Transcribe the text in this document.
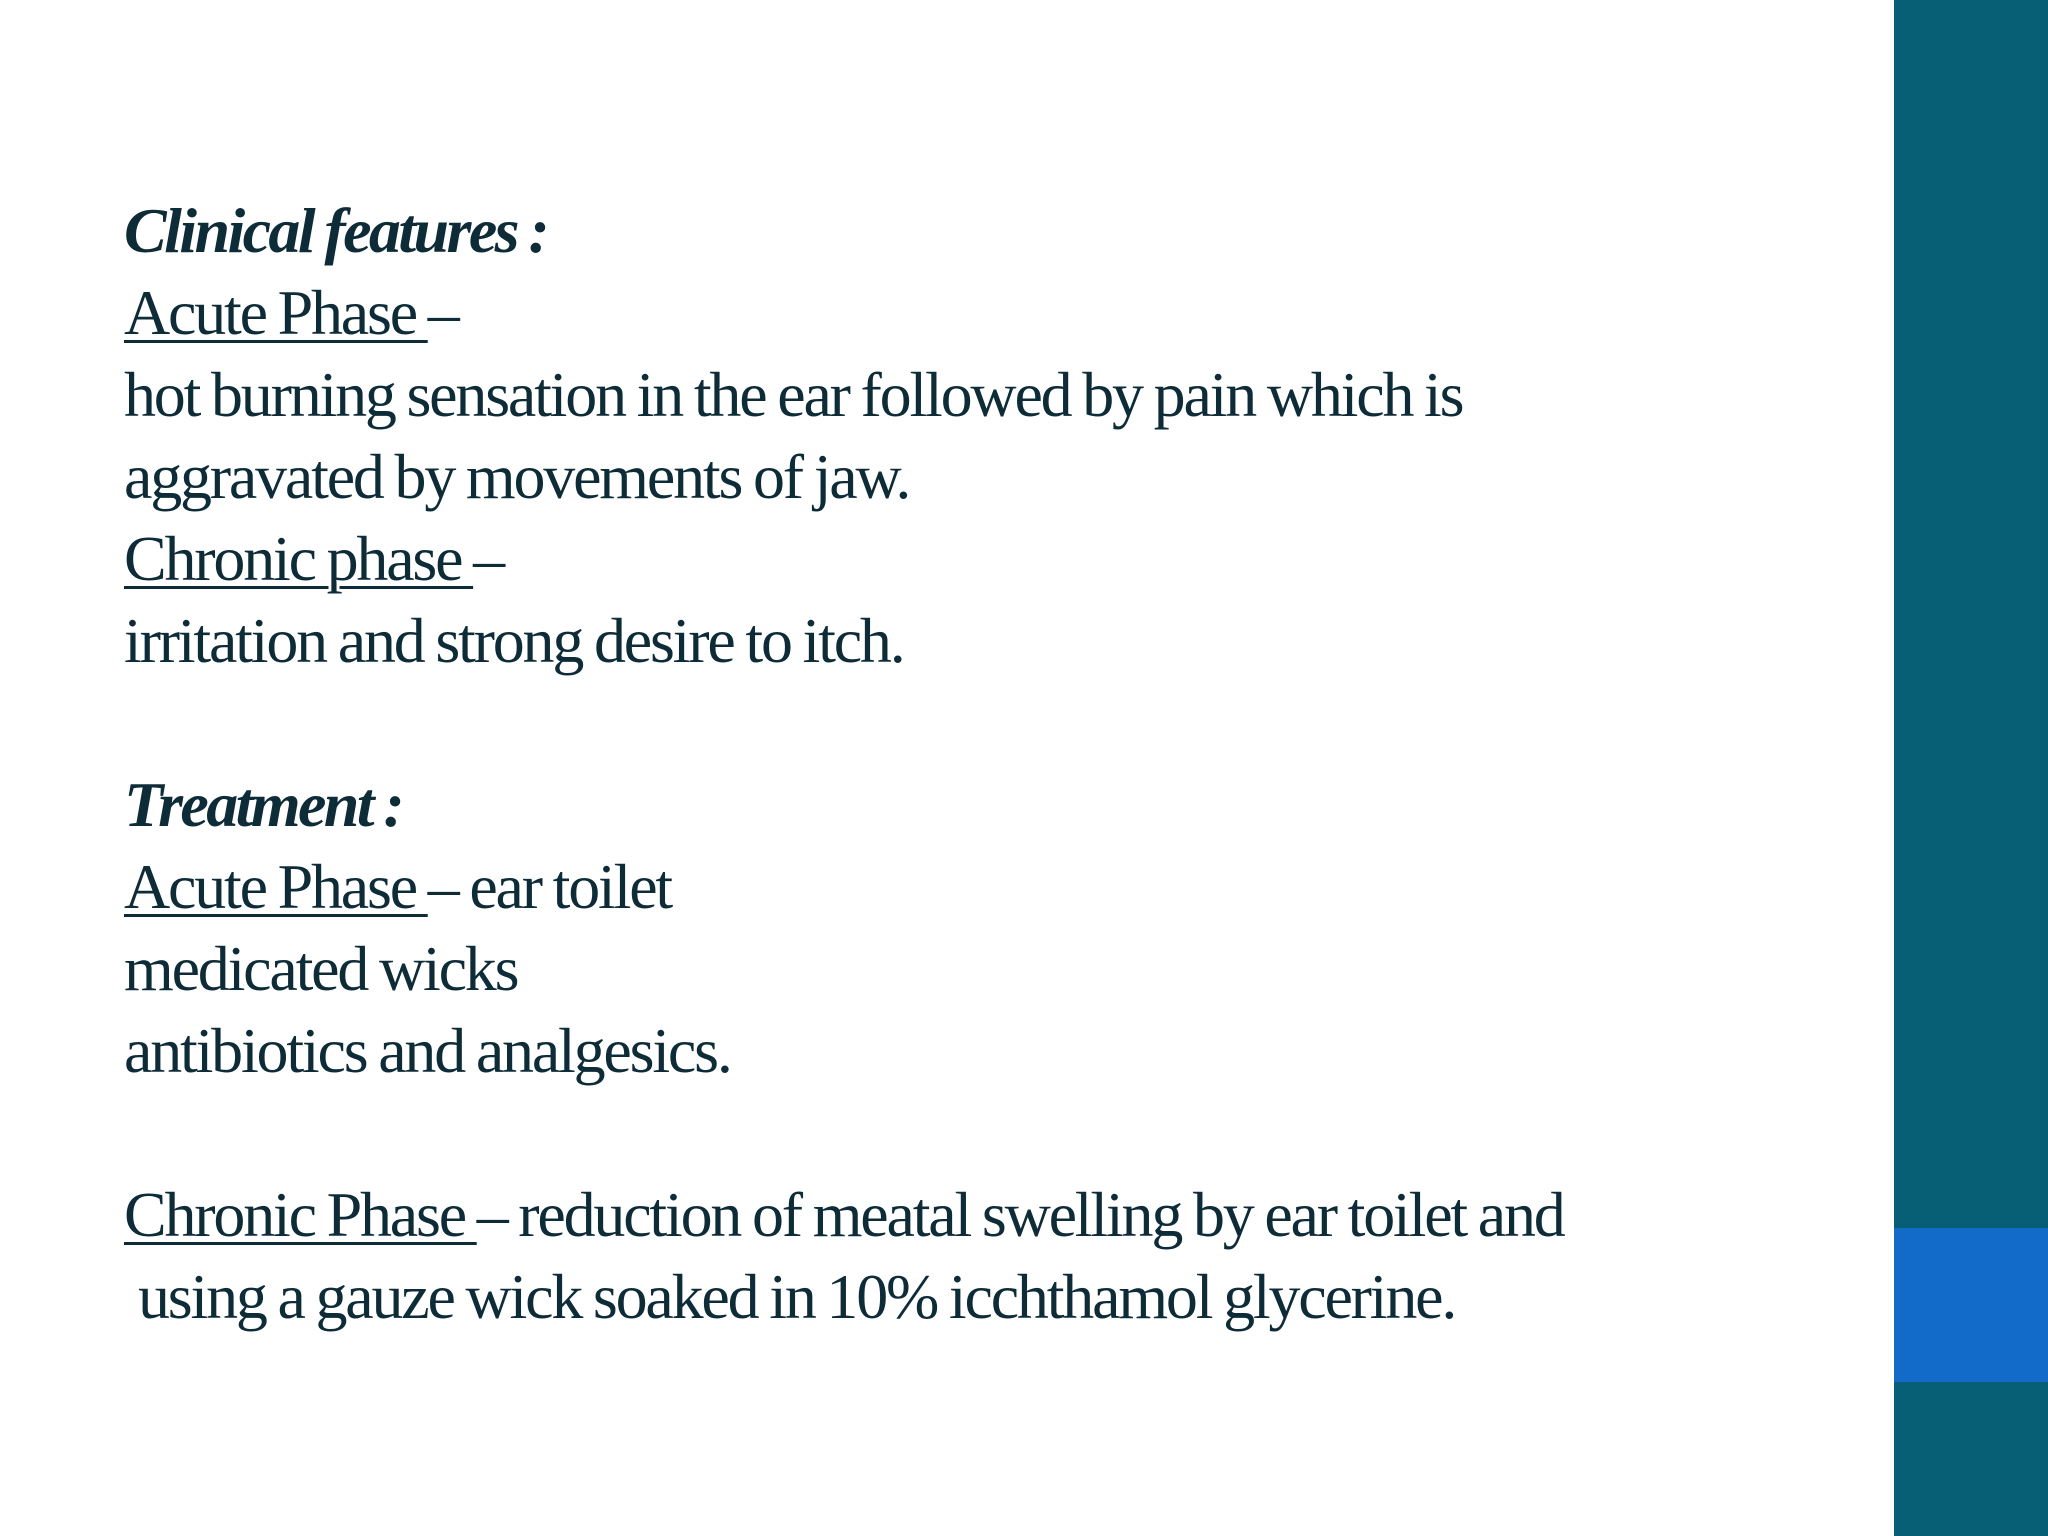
Clinical features :
Acute Phase –
hot burning sensation in the ear followed by pain which is
aggravated by movements of jaw.
Chronic phase –
irritation and strong desire to itch.
Treatment :
Acute Phase – ear toilet
medicated wicks
antibiotics and analgesics.
Chronic Phase – reduction of meatal swelling by ear toilet and
using a gauze wick soaked in 10% icchthamol glycerine.
